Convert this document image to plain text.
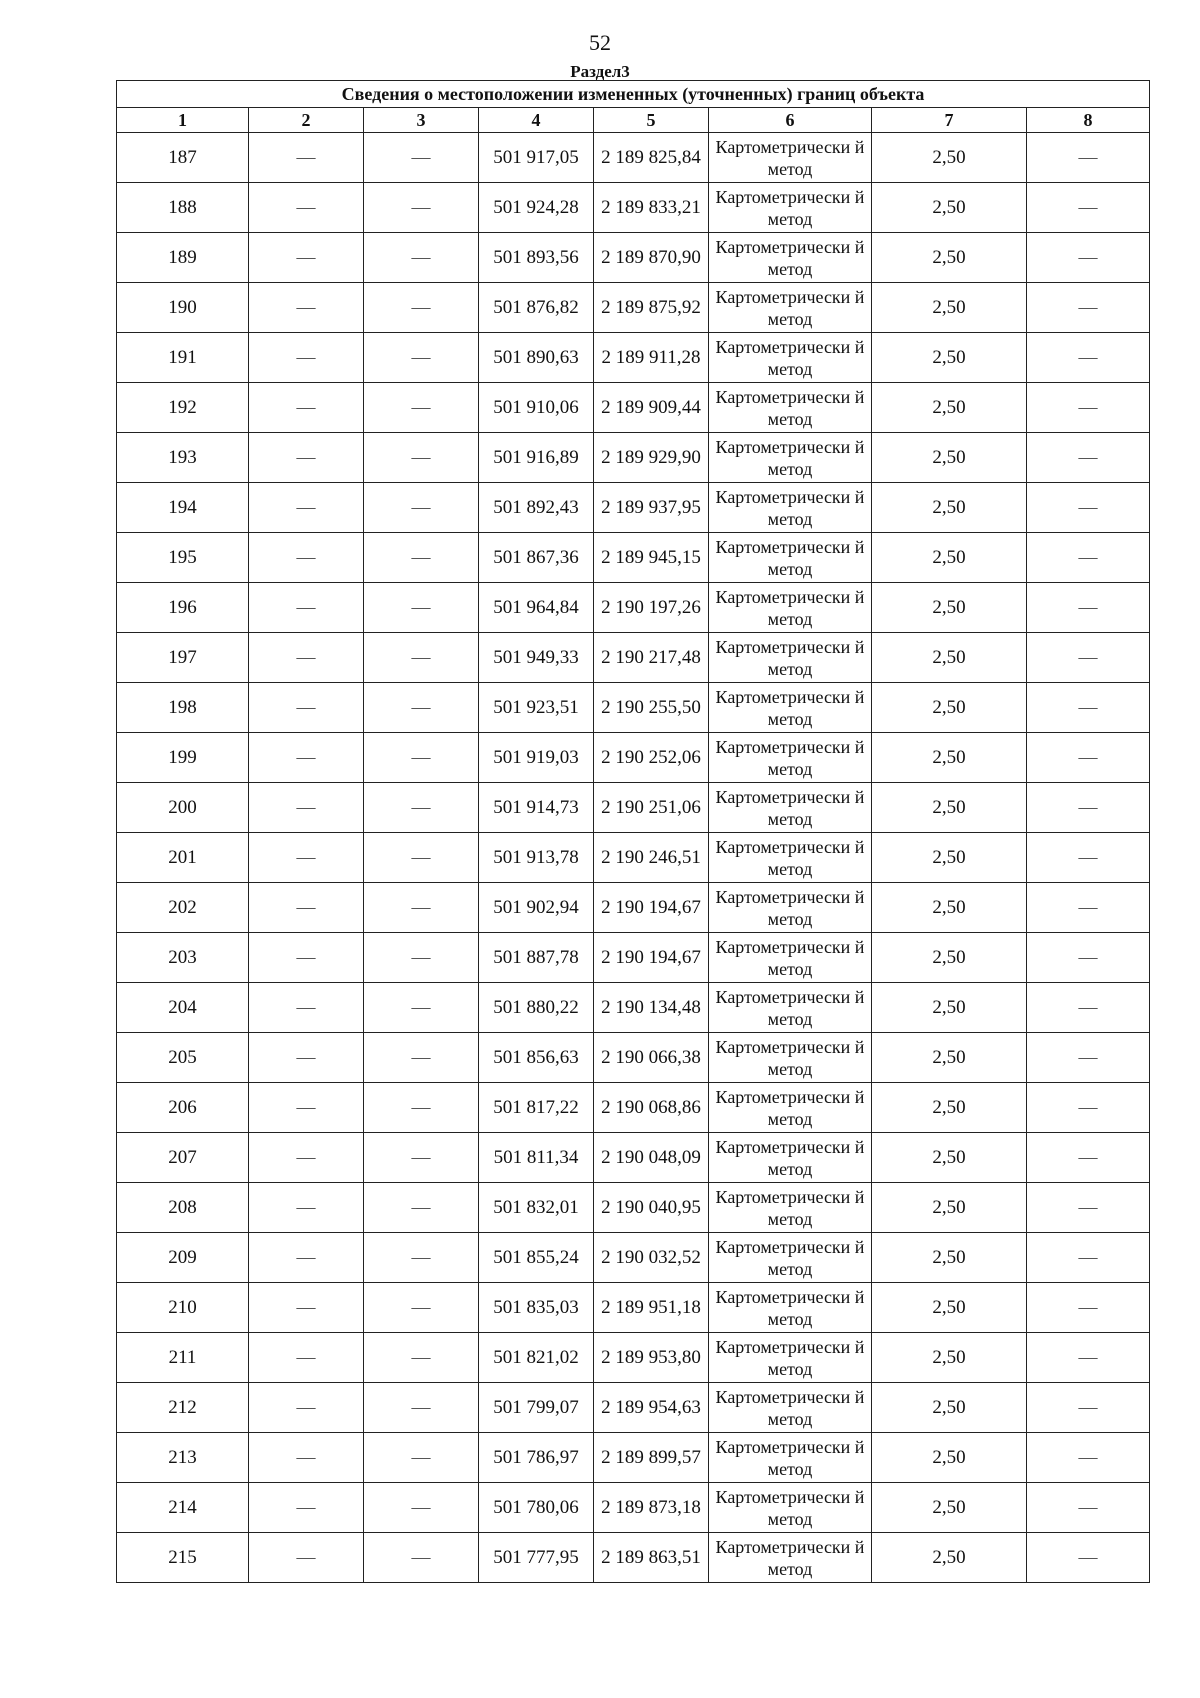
52
Раздел3
Сведения о местоположении измененных (уточненных) границ объекта							
1	2	3	4	5	6	7	8
187	—	—	501 917,05	2 189 825,84	Картометрически й метод	2,50	—
188	—	—	501 924,28	2 189 833,21	Картометрически й метод	2,50	—
189	—	—	501 893,56	2 189 870,90	Картометрически й метод	2,50	—
190	—	—	501 876,82	2 189 875,92	Картометрически й метод	2,50	—
191	—	—	501 890,63	2 189 911,28	Картометрически й метод	2,50	—
192	—	—	501 910,06	2 189 909,44	Картометрически й метод	2,50	—
193	—	—	501 916,89	2 189 929,90	Картометрически й метод	2,50	—
194	—	—	501 892,43	2 189 937,95	Картометрически й метод	2,50	—
195	—	—	501 867,36	2 189 945,15	Картометрически й метод	2,50	—
196	—	—	501 964,84	2 190 197,26	Картометрически й метод	2,50	—
197	—	—	501 949,33	2 190 217,48	Картометрически й метод	2,50	—
198	—	—	501 923,51	2 190 255,50	Картометрически й метод	2,50	—
199	—	—	501 919,03	2 190 252,06	Картометрически й метод	2,50	—
200	—	—	501 914,73	2 190 251,06	Картометрически й метод	2,50	—
201	—	—	501 913,78	2 190 246,51	Картометрически й метод	2,50	—
202	—	—	501 902,94	2 190 194,67	Картометрически й метод	2,50	—
203	—	—	501 887,78	2 190 194,67	Картометрически й метод	2,50	—
204	—	—	501 880,22	2 190 134,48	Картометрически й метод	2,50	—
205	—	—	501 856,63	2 190 066,38	Картометрически й метод	2,50	—
206	—	—	501 817,22	2 190 068,86	Картометрически й метод	2,50	—
207	—	—	501 811,34	2 190 048,09	Картометрически й метод	2,50	—
208	—	—	501 832,01	2 190 040,95	Картометрически й метод	2,50	—
209	—	—	501 855,24	2 190 032,52	Картометрически й метод	2,50	—
210	—	—	501 835,03	2 189 951,18	Картометрически й метод	2,50	—
211	—	—	501 821,02	2 189 953,80	Картометрически й метод	2,50	—
212	—	—	501 799,07	2 189 954,63	Картометрически й метод	2,50	—
213	—	—	501 786,97	2 189 899,57	Картометрически й метод	2,50	—
214	—	—	501 780,06	2 189 873,18	Картометрически й метод	2,50	—
215	—	—	501 777,95	2 189 863,51	Картометрически й метод	2,50	—
